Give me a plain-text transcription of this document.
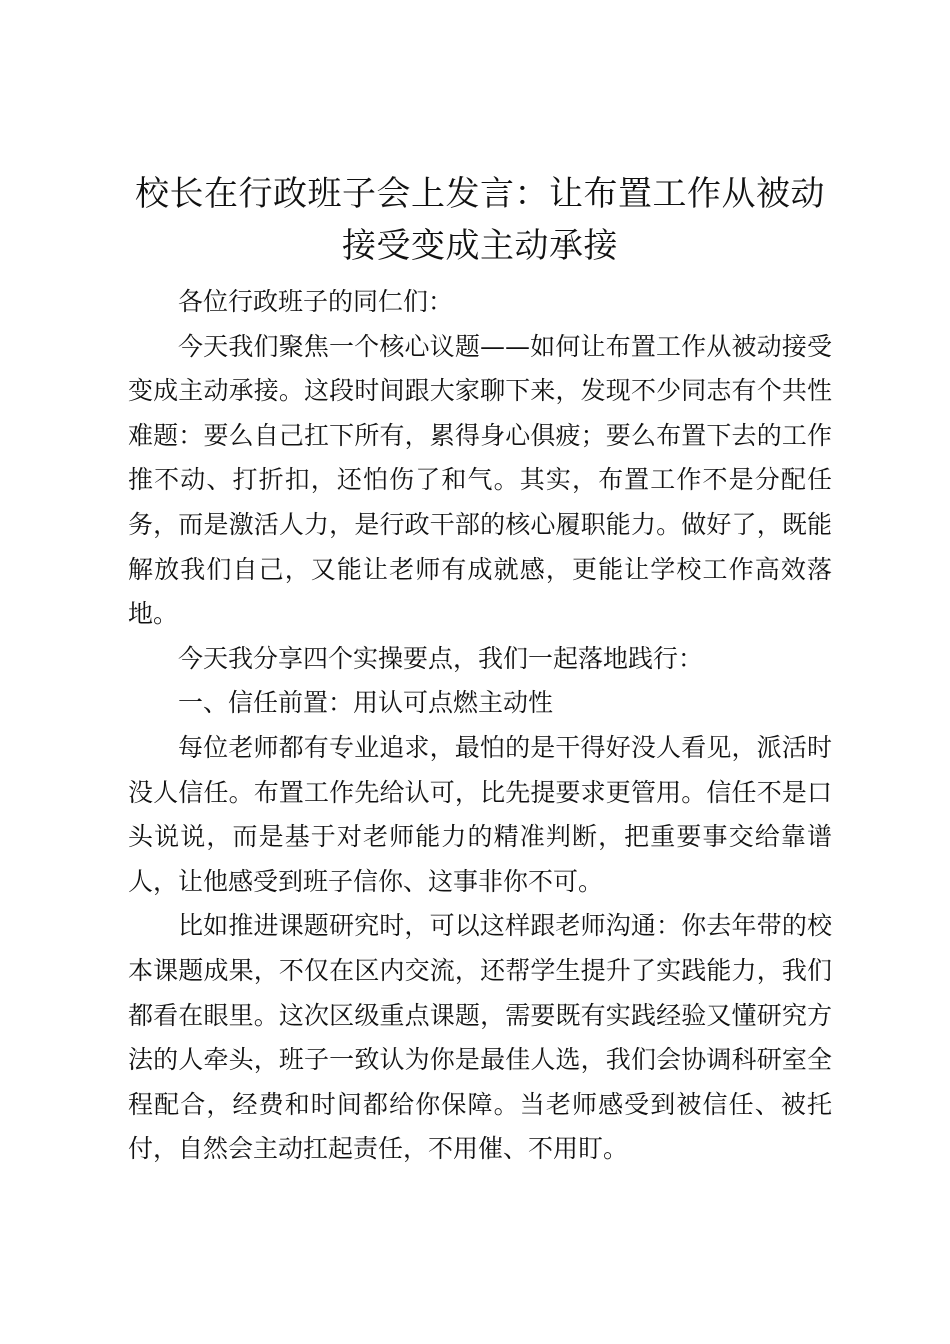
校长在行政班子会上发言：让布置工作从被动接受变成主动承接

各位行政班子的同仁们：

今天我们聚焦一个核心议题——如何让布置工作从被动接受变成主动承接。这段时间跟大家聊下来，发现不少同志有个共性难题：要么自己扛下所有，累得身心俱疲；要么布置下去的工作推不动、打折扣，还怕伤了和气。其实，布置工作不是分配任务，而是激活人力，是行政干部的核心履职能力。做好了，既能解放我们自己，又能让老师有成就感，更能让学校工作高效落地。

今天我分享四个实操要点，我们一起落地践行：

一、信任前置：用认可点燃主动性

每位老师都有专业追求，最怕的是干得好没人看见，派活时没人信任。布置工作先给认可，比先提要求更管用。信任不是口头说说，而是基于对老师能力的精准判断，把重要事交给靠谱人，让他感受到班子信你、这事非你不可。

比如推进课题研究时，可以这样跟老师沟通：你去年带的校本课题成果，不仅在区内交流，还帮学生提升了实践能力，我们都看在眼里。这次区级重点课题，需要既有实践经验又懂研究方法的人牵头，班子一致认为你是最佳人选，我们会协调科研室全程配合，经费和时间都给你保障。当老师感受到被信任、被托付，自然会主动扛起责任，不用催、不用盯。
